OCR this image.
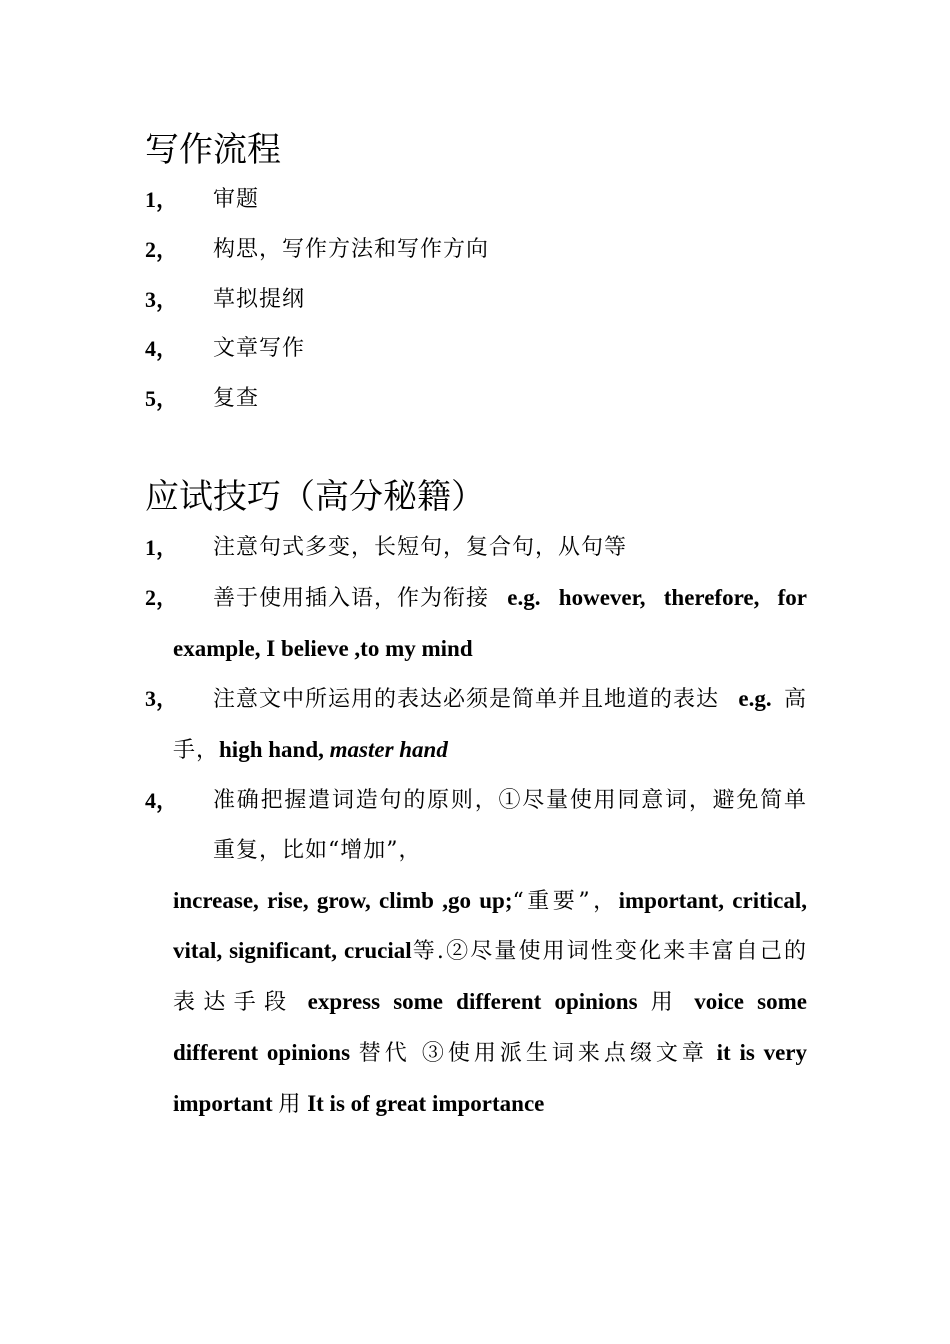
写作流程
1， 审题
2， 构思，写作方法和写作方向
3， 草拟提纲
4， 文章写作
5， 复查
应试技巧（高分秘籍）
1， 注意句式多变，长短句，复合句，从句等
2， 善于使用插入语，作为衔接 e.g. however, therefore, for example, I believe ,to my mind
3， 注意文中所运用的表达必须是简单并且地道的表达 e.g.高手，high hand, master hand
4， 准确把握遣词造句的原则，①尽量使用同意词，避免简单重复，比如“增加”， increase, rise, grow, climb ,go up;“重要”，important, critical, vital, significant, crucial等.②尽量使用词性变化来丰富自己的表达手段 express some different opinions 用 voice some different opinions 替代 ③使用派生词来点缀文章 it is very important 用 It is of great importance
